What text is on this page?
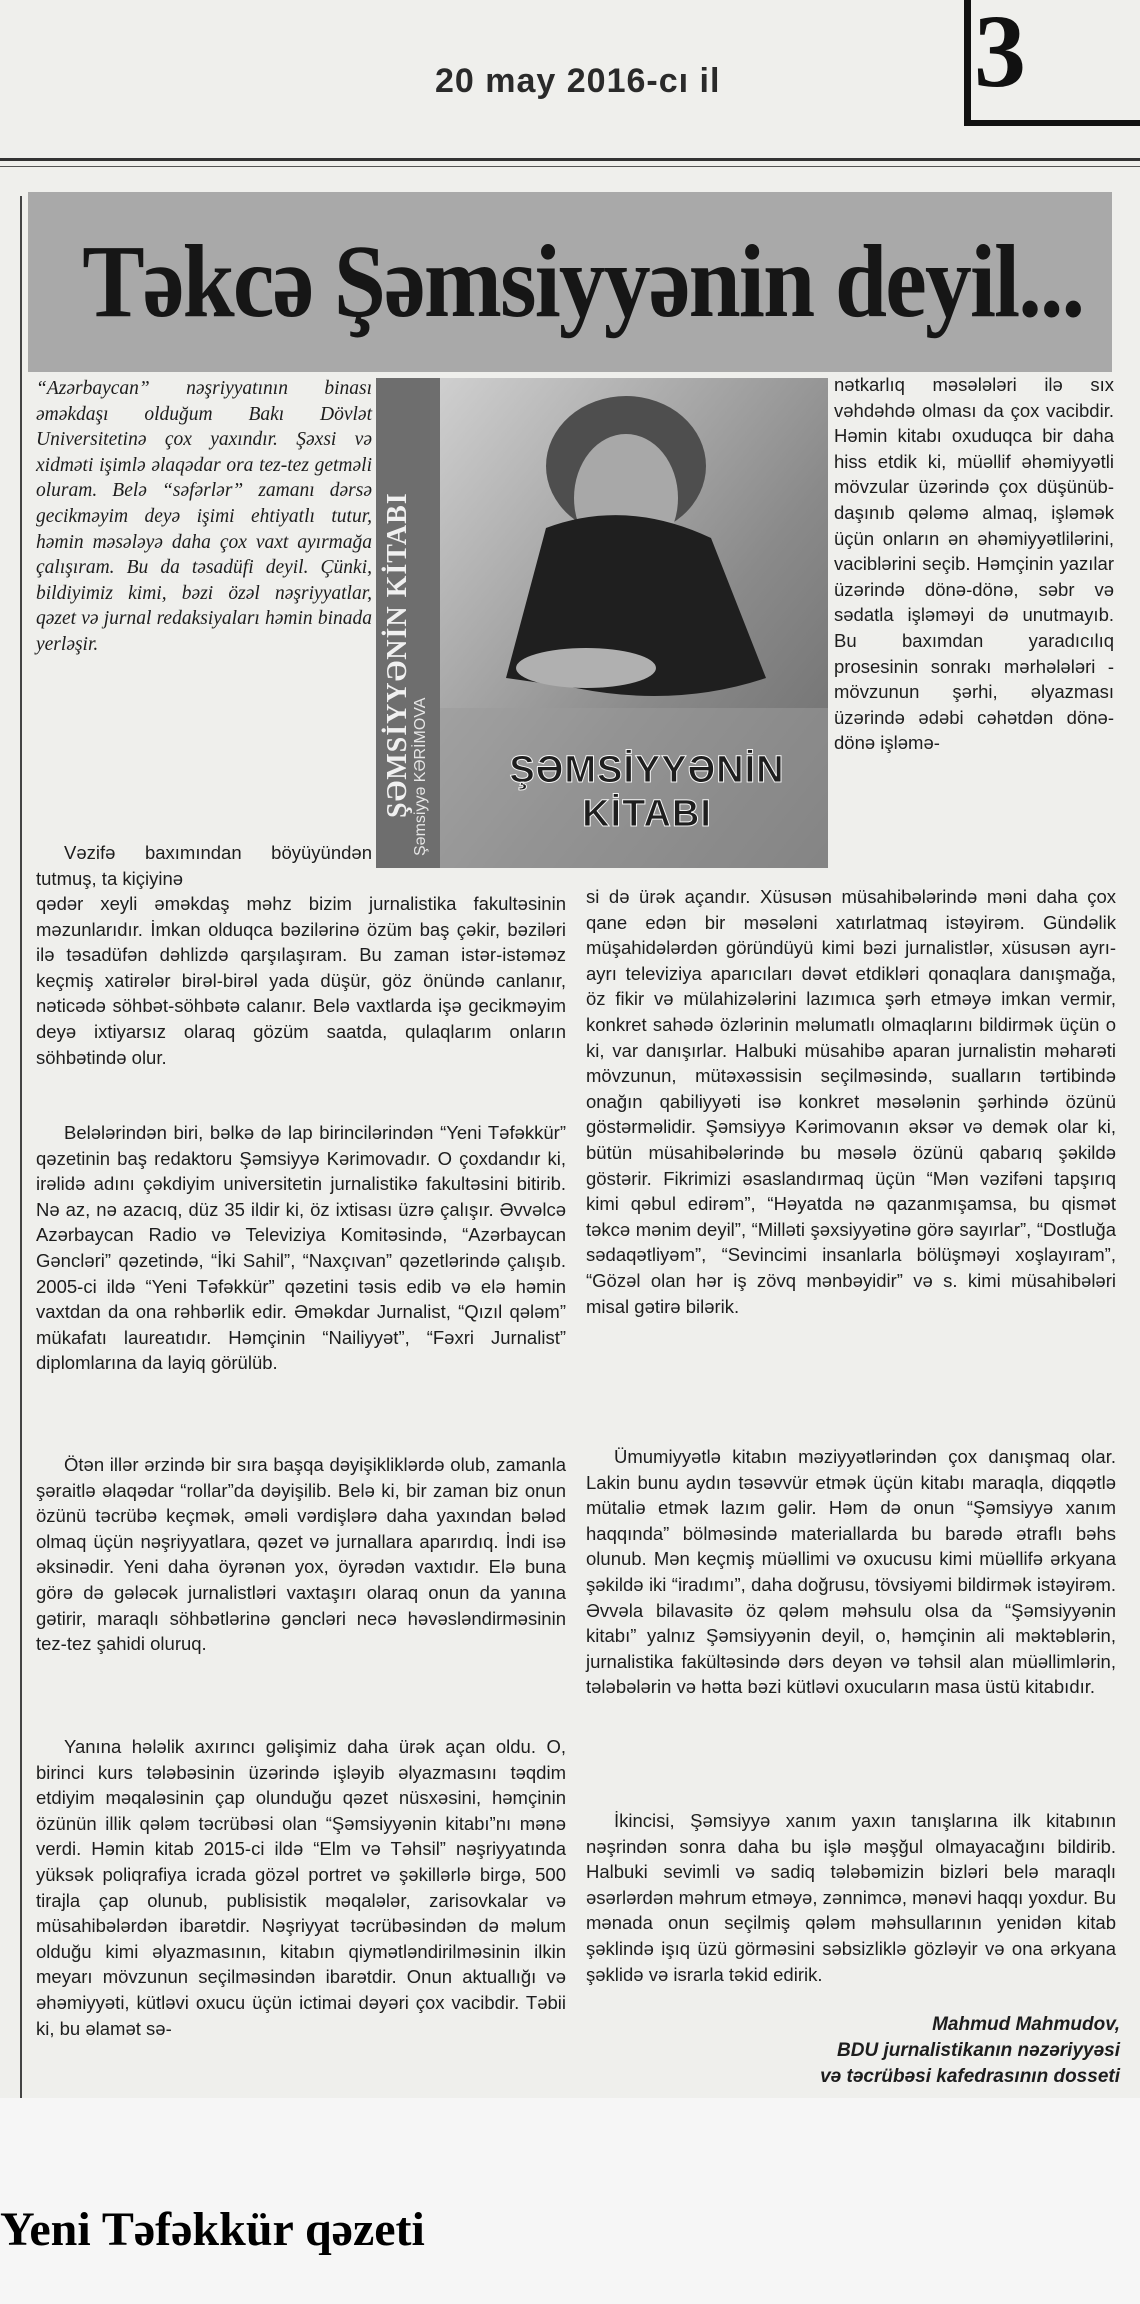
3
20 may 2016-cı il
Təkcə Şəmsiyyənin deyil...
ŞƏMSİYYƏNİN KİTABI Şəmsiyyə KƏRİMOVA	ŞƏMSİYYƏNİN KİTABI

“Azərbaycan” nəşriyyatının binası əməkdaşı olduğum Bakı Dövlət Universitetinə çox yaxındır. Şəxsi və xidməti işimlə əlaqədar ora tez-tez getməli oluram. Belə “səfərlər” zamanı dərsə gecikməyim deyə işimi ehtiyatlı tutur, həmin məsələyə daha çox vaxt ayırmağa çalışıram. Bu da təsadüfi deyil. Çünki, bildiyimiz kimi, bəzi özəl nəşriyyatlar, qəzet və jurnal redaksiyaları həmin binada yerləşir.

Vəzifə baxımından böyüyündən tutmuş, ta kiçiyinə

qədər xeyli əməkdaş məhz bizim jurnalistika fakultəsinin məzunlarıdır. İmkan olduqca bəzilərinə özüm baş çəkir, bəziləri ilə təsadüfən dəhlizdə qarşılaşıram. Bu zaman istər-istəməz keçmiş xatirələr birəl-birəl yada düşür, göz önündə canlanır, nəticədə söhbət-söhbətə calanır. Belə vaxtlarda işə gecikməyim deyə ixtiyarsız olaraq gözüm saatda, qulaqlarım onların söhbətində olur.

Belələrindən biri, bəlkə də lap birincilərindən “Yeni Təfəkkür” qəzetinin baş redaktoru Şəmsiyyə Kərimovadır. O çoxdandır ki, irəlidə adını çəkdiyim universitetin jurnalistikə fakultəsini bitirib. Nə az, nə azacıq, düz 35 ildir ki, öz ixtisası üzrə çalışır. Əvvəlcə Azərbaycan Radio və Televiziya Komitəsində, “Azərbaycan Gəncləri” qəzetində, “İki Sahil”, “Naxçıvan” qəzetlərində çalışıb. 2005-ci ildə “Yeni Təfəkkür” qəzetini təsis edib və elə həmin vaxtdan da ona rəhbərlik edir. Əməkdar Jurnalist, “Qızıl qələm” mükafatı laureatıdır. Həmçinin “Nailiyyət”, “Fəxri Jurnalist” diplomlarına da layiq görülüb.

Ötən illər ərzində bir sıra başqa dəyişikliklərdə olub, zamanla şəraitlə əlaqədar “rollar”da dəyişilib. Belə ki, bir zaman biz onun özünü təcrübə keçmək, əməli vərdişlərə daha yaxından bələd olmaq üçün nəşriyyatlara, qəzet və jurnallara aparırdıq. İndi isə əksinədir. Yeni daha öyrənən yox, öyrədən vaxtıdır. Elə buna görə də gələcək jurnalistləri vaxtaşırı olaraq onun da yanına gətirir, maraqlı söhbətlərinə gəncləri necə həvəsləndirməsinin tez-tez şahidi oluruq.

Yanına hələlik axırıncı gəlişimiz daha ürək açan oldu. O, birinci kurs tələbəsinin üzərində işləyib əlyazmasını təqdim etdiyim məqaləsinin çap olunduğu qəzet nüsxəsini, həmçinin özünün illik qələm təcrübəsi olan “Şəmsiyyənin kitabı”nı mənə verdi. Həmin kitab 2015-ci ildə “Elm və Təhsil” nəşriyyatında yüksək poliqrafiya icrada gözəl portret və şəkillərlə birgə, 500 tirajla çap olunub, publisistik məqalələr, zarisovkalar və müsahibələrdən ibarətdir. Nəşriyyat təcrübəsindən də məlum olduğu kimi əlyazmasının, kitabın qiymətləndirilməsinin ilkin meyarı mövzunun seçilməsindən ibarətdir. Onun aktuallığı və əhəmiyyəti, kütləvi oxucu üçün ictimai dəyəri çox vacibdir. Təbii ki, bu əlamət sə-

nətkarlıq məsələləri ilə sıx vəhdəhdə olması da çox vacibdir. Həmin kitabı oxuduqca bir daha hiss etdik ki, müəllif əhəmiyyətli mövzular üzərində çox düşünüb-daşınıb qələmə almaq, işləmək üçün onların ən əhəmiyyətlilərini, vaciblərini seçib. Həmçinin yazılar üzərində dönə-dönə, səbr və sədatla işləməyi də unutmayıb. Bu baxımdan yaradıcılıq prosesinin sonrakı mərhələləri - mövzunun şərhi, əlyazması üzərində ədəbi cəhətdən dönə-dönə işləmə-

si də ürək açandır. Xüsusən müsahibələrində məni daha çox qane edən bir məsələni xatırlatmaq istəyirəm. Gündəlik müşahidələrdən göründüyü kimi bəzi jurnalistlər, xüsusən ayrı-ayrı televiziya aparıcıları dəvət etdikləri qonaqlara danışmağa, öz fikir və mülahizələrini lazımıca şərh etməyə imkan vermir, konkret sahədə özlərinin məlumatlı olmaqlarını bildirmək üçün o ki, var danışırlar. Halbuki müsahibə aparan jurnalistin məharəti mövzunun, mütəxəssisin seçilməsində, sualların tərtibində onağın qabiliyyəti isə konkret məsələnin şərhində özünü göstərməlidir. Şəmsiyyə Kərimovanın əksər və demək olar ki, bütün müsahibələrində bu məsələ özünü qabarıq şəkildə göstərir. Fikrimizi əsaslandırmaq üçün “Mən vəzifəni tapşırıq kimi qəbul edirəm”, “Həyatda nə qazanmışamsa, bu qismət təkcə mənim deyil”, “Milləti şəxsiyyətinə görə sayırlar”, “Dostluğa sədaqətliyəm”, “Sevincimi insanlarla bölüşməyi xoşlayıram”, “Gözəl olan hər iş zövq mənbəyidir” və s. kimi müsahibələri misal gətirə bilərik.

Ümumiyyətlə kitabın məziyyətlərindən çox danışmaq olar. Lakin bunu aydın təsəvvür etmək üçün kitabı maraqla, diqqətlə mütaliə etmək lazım gəlir. Həm də onun “Şəmsiyyə xanım haqqında” bölməsində materiallarda bu barədə ətraflı bəhs olunub. Mən keçmiş müəllimi və oxucusu kimi müəllifə ərkyana şəkildə iki “iradımı”, daha doğrusu, tövsiyəmi bildirmək istəyirəm. Əvvəla bilavasitə öz qələm məhsulu olsa da “Şəmsiyyənin kitabı” yalnız Şəmsiyyənin deyil, o, həmçinin ali məktəblərin, jurnalistika fakültəsində dərs deyən və təhsil alan müəllimlərin, tələbələrin və hətta bəzi kütləvi oxucuların masa üstü kitabıdır.

İkincisi, Şəmsiyyə xanım yaxın tanışlarına ilk kitabının nəşrindən sonra daha bu işlə məşğul olmayacağını bildirib. Halbuki sevimli və sadiq tələbəmizin bizləri belə maraqlı əsərlərdən məhrum etməyə, zənnimcə, mənəvi haqqı yoxdur. Bu mənada onun seçilmiş qələm məhsullarının yenidən kitab şəklində işıq üzü görməsini səbsizliklə gözləyir və ona ərkyana şəklidə və israrla təkid edirik.

Mahmud Mahmudov,
BDU jurnalistikanın nəzəriyyəsi
və təcrübəsi kafedrasının dosseti
Yeni Təfəkkür qəzeti
